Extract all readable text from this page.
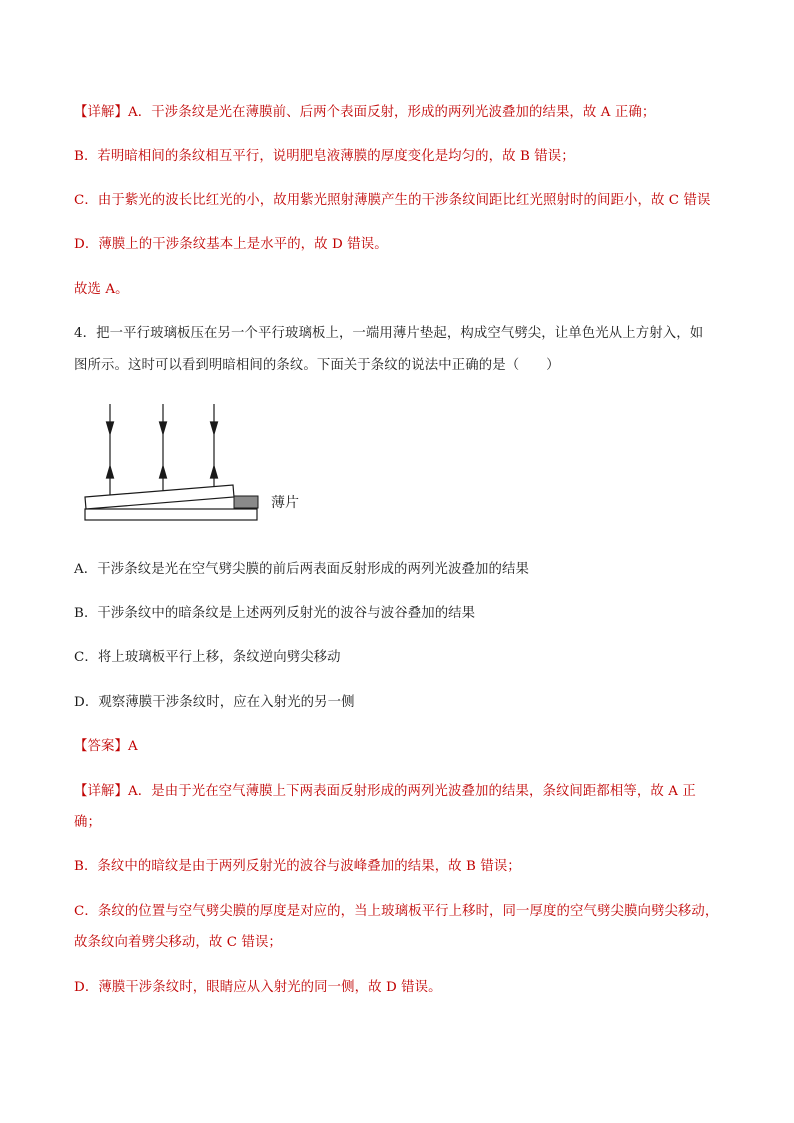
【详解】A．干涉条纹是光在薄膜前、后两个表面反射，形成的两列光波叠加的结果，故 A 正确；
B．若明暗相间的条纹相互平行，说明肥皂液薄膜的厚度变化是均匀的，故 B 错误；
C．由于紫光的波长比红光的小，故用紫光照射薄膜产生的干涉条纹间距比红光照射时的间距小，故 C 错误
D．薄膜上的干涉条纹基本上是水平的，故 D 错误。
故选 A。
4．把一平行玻璃板压在另一个平行玻璃板上，一端用薄片垫起，构成空气劈尖，让单色光从上方射入，如
图所示。这时可以看到明暗相间的条纹。下面关于条纹的说法中正确的是（　　）
薄片
A．干涉条纹是光在空气劈尖膜的前后两表面反射形成的两列光波叠加的结果
B．干涉条纹中的暗条纹是上述两列反射光的波谷与波谷叠加的结果
C．将上玻璃板平行上移，条纹逆向劈尖移动
D．观察薄膜干涉条纹时，应在入射光的另一侧
【答案】A
【详解】A．是由于光在空气薄膜上下两表面反射形成的两列光波叠加的结果，条纹间距都相等，故 A 正
确；
B．条纹中的暗纹是由于两列反射光的波谷与波峰叠加的结果，故 B 错误；
C．条纹的位置与空气劈尖膜的厚度是对应的，当上玻璃板平行上移时，同一厚度的空气劈尖膜向劈尖移动，
故条纹向着劈尖移动，故 C 错误；
D．薄膜干涉条纹时，眼睛应从入射光的同一侧，故 D 错误。
